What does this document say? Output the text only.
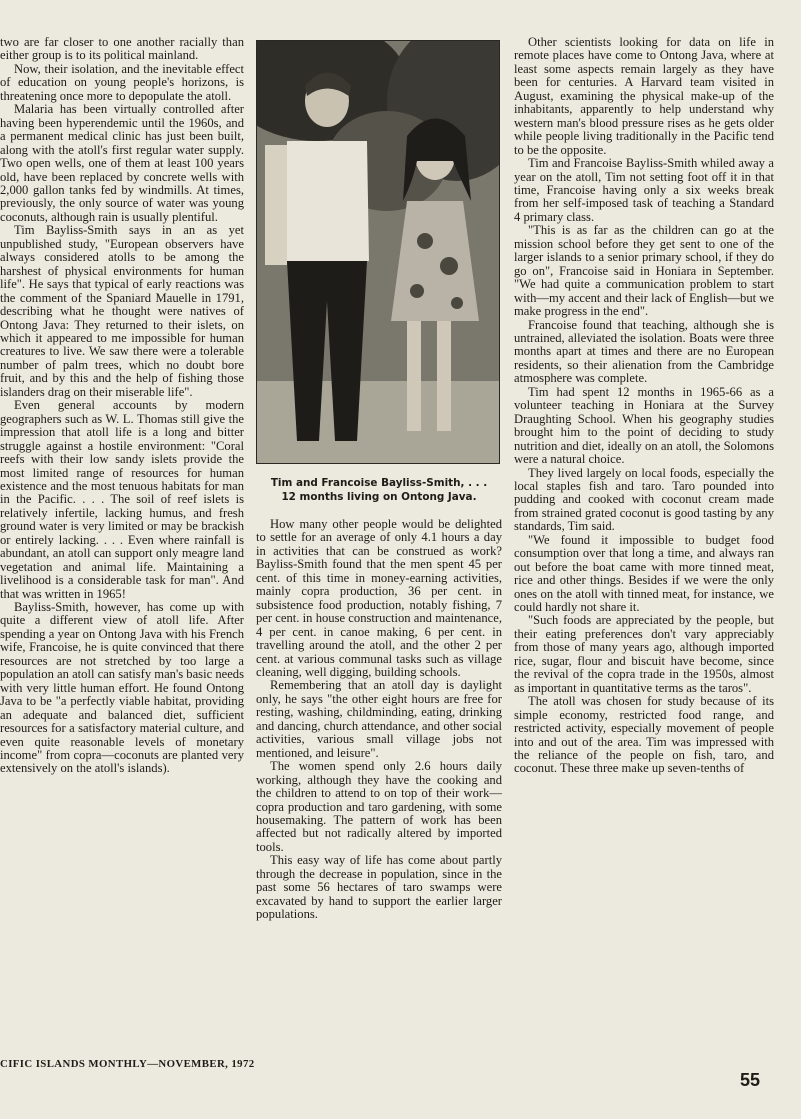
two are far closer to one another racially than either group is to its political mainland.

Now, their isolation, and the inevitable effect of education on young people's horizons, is threatening once more to depopulate the atoll.

Malaria has been virtually controlled after having been hyperendemic until the 1960s, and a permanent medical clinic has just been built, along with the atoll's first regular water supply. Two open wells, one of them at least 100 years old, have been replaced by concrete wells with 2,000 gallon tanks fed by windmills. At times, previously, the only source of water was young coconuts, although rain is usually plentiful.

Tim Bayliss-Smith says in an as yet unpublished study, "European observers have always considered atolls to be among the harshest of physical environments for human life". He says that typical of early reactions was the comment of the Spaniard Mauelle in 1791, describing what he thought were natives of Ontong Java: They returned to their islets, on which it appeared to me impossible for human creatures to live. We saw there were a tolerable number of palm trees, which no doubt bore fruit, and by this and the help of fishing those islanders drag on their miserable life".

Even general accounts by modern geographers such as W. L. Thomas still give the impression that atoll life is a long and bitter struggle against a hostile environment: "Coral reefs with their low sandy islets provide the most limited range of resources for human existence and the most tenuous habitats for man in the Pacific. . . . The soil of reef islets is relatively infertile, lacking humus, and fresh ground water is very limited or may be brackish or entirely lacking. . . . Even where rainfall is abundant, an atoll can support only meagre land vegetation and animal life. Maintaining a livelihood is a considerable task for man". And that was written in 1965!

Bayliss-Smith, however, has come up with quite a different view of atoll life. After spending a year on Ontong Java with his French wife, Francoise, he is quite convinced that there resources are not stretched by too large a population an atoll can satisfy man's basic needs with very little human effort. He found Ontong Java to be "a perfectly viable habitat, providing an adequate and balanced diet, sufficient resources for a satisfactory material culture, and even quite reasonable levels of monetary income" from copra—coconuts are planted very extensively on the atoll's islands).

Tim and Francoise Bayliss-Smith, . . .
12 months living on Ontong Java.

How many other people would be delighted to settle for an average of only 4.1 hours a day in activities that can be construed as work? Bayliss-Smith found that the men spent 45 per cent. of this time in money-earning activities, mainly copra production, 36 per cent. in subsistence food production, notably fishing, 7 per cent. in house construction and maintenance, 4 per cent. in canoe making, 6 per cent. in travelling around the atoll, and the other 2 per cent. at various communal tasks such as village cleaning, well digging, building schools.

Remembering that an atoll day is daylight only, he says "the other eight hours are free for resting, washing, childminding, eating, drinking and dancing, church attendance, and other social activities, various small village jobs not mentioned, and leisure".

The women spend only 2.6 hours daily working, although they have the cooking and the children to attend to on top of their work—copra production and taro gardening, with some housemaking. The pattern of work has been affected but not radically altered by imported tools.

This easy way of life has come about partly through the decrease in population, since in the past some 56 hectares of taro swamps were excavated by hand to support the earlier larger populations.

Other scientists looking for data on life in remote places have come to Ontong Java, where at least some aspects remain largely as they have been for centuries. A Harvard team visited in August, examining the physical make-up of the inhabitants, apparently to help understand why western man's blood pressure rises as he gets older while people living traditionally in the Pacific tend to be the opposite.

Tim and Francoise Bayliss-Smith whiled away a year on the atoll, Tim not setting foot off it in that time, Francoise having only a six weeks break from her self-imposed task of teaching a Standard 4 primary class.

"This is as far as the children can go at the mission school before they get sent to one of the larger islands to a senior primary school, if they do go on", Francoise said in Honiara in September. "We had quite a communication problem to start with—my accent and their lack of English—but we make progress in the end".

Francoise found that teaching, although she is untrained, alleviated the isolation. Boats were three months apart at times and there are no European residents, so their alienation from the Cambridge atmosphere was complete.

Tim had spent 12 months in 1965-66 as a volunteer teaching in Honiara at the Survey Draughting School. When his geography studies brought him to the point of deciding to study nutrition and diet, ideally on an atoll, the Solomons were a natural choice.

They lived largely on local foods, especially the local staples fish and taro. Taro pounded into pudding and cooked with coconut cream made from strained grated coconut is good tasting by any standards, Tim said.

"We found it impossible to budget food consumption over that long a time, and always ran out before the boat came with more tinned meat, rice and other things. Besides if we were the only ones on the atoll with tinned meat, for instance, we could hardly not share it.

"Such foods are appreciated by the people, but their eating preferences don't vary appreciably from those of many years ago, although imported rice, sugar, flour and biscuit have become, since the revival of the copra trade in the 1950s, almost as important in quantitative terms as the taros".

The atoll was chosen for study because of its simple economy, restricted food range, and restricted activity, especially movement of people into and out of the area. Tim was impressed with the reliance of the people on fish, taro, and coconut. These three make up seven-tenths of

CIFIC ISLANDS MONTHLY—NOVEMBER, 1972
55
